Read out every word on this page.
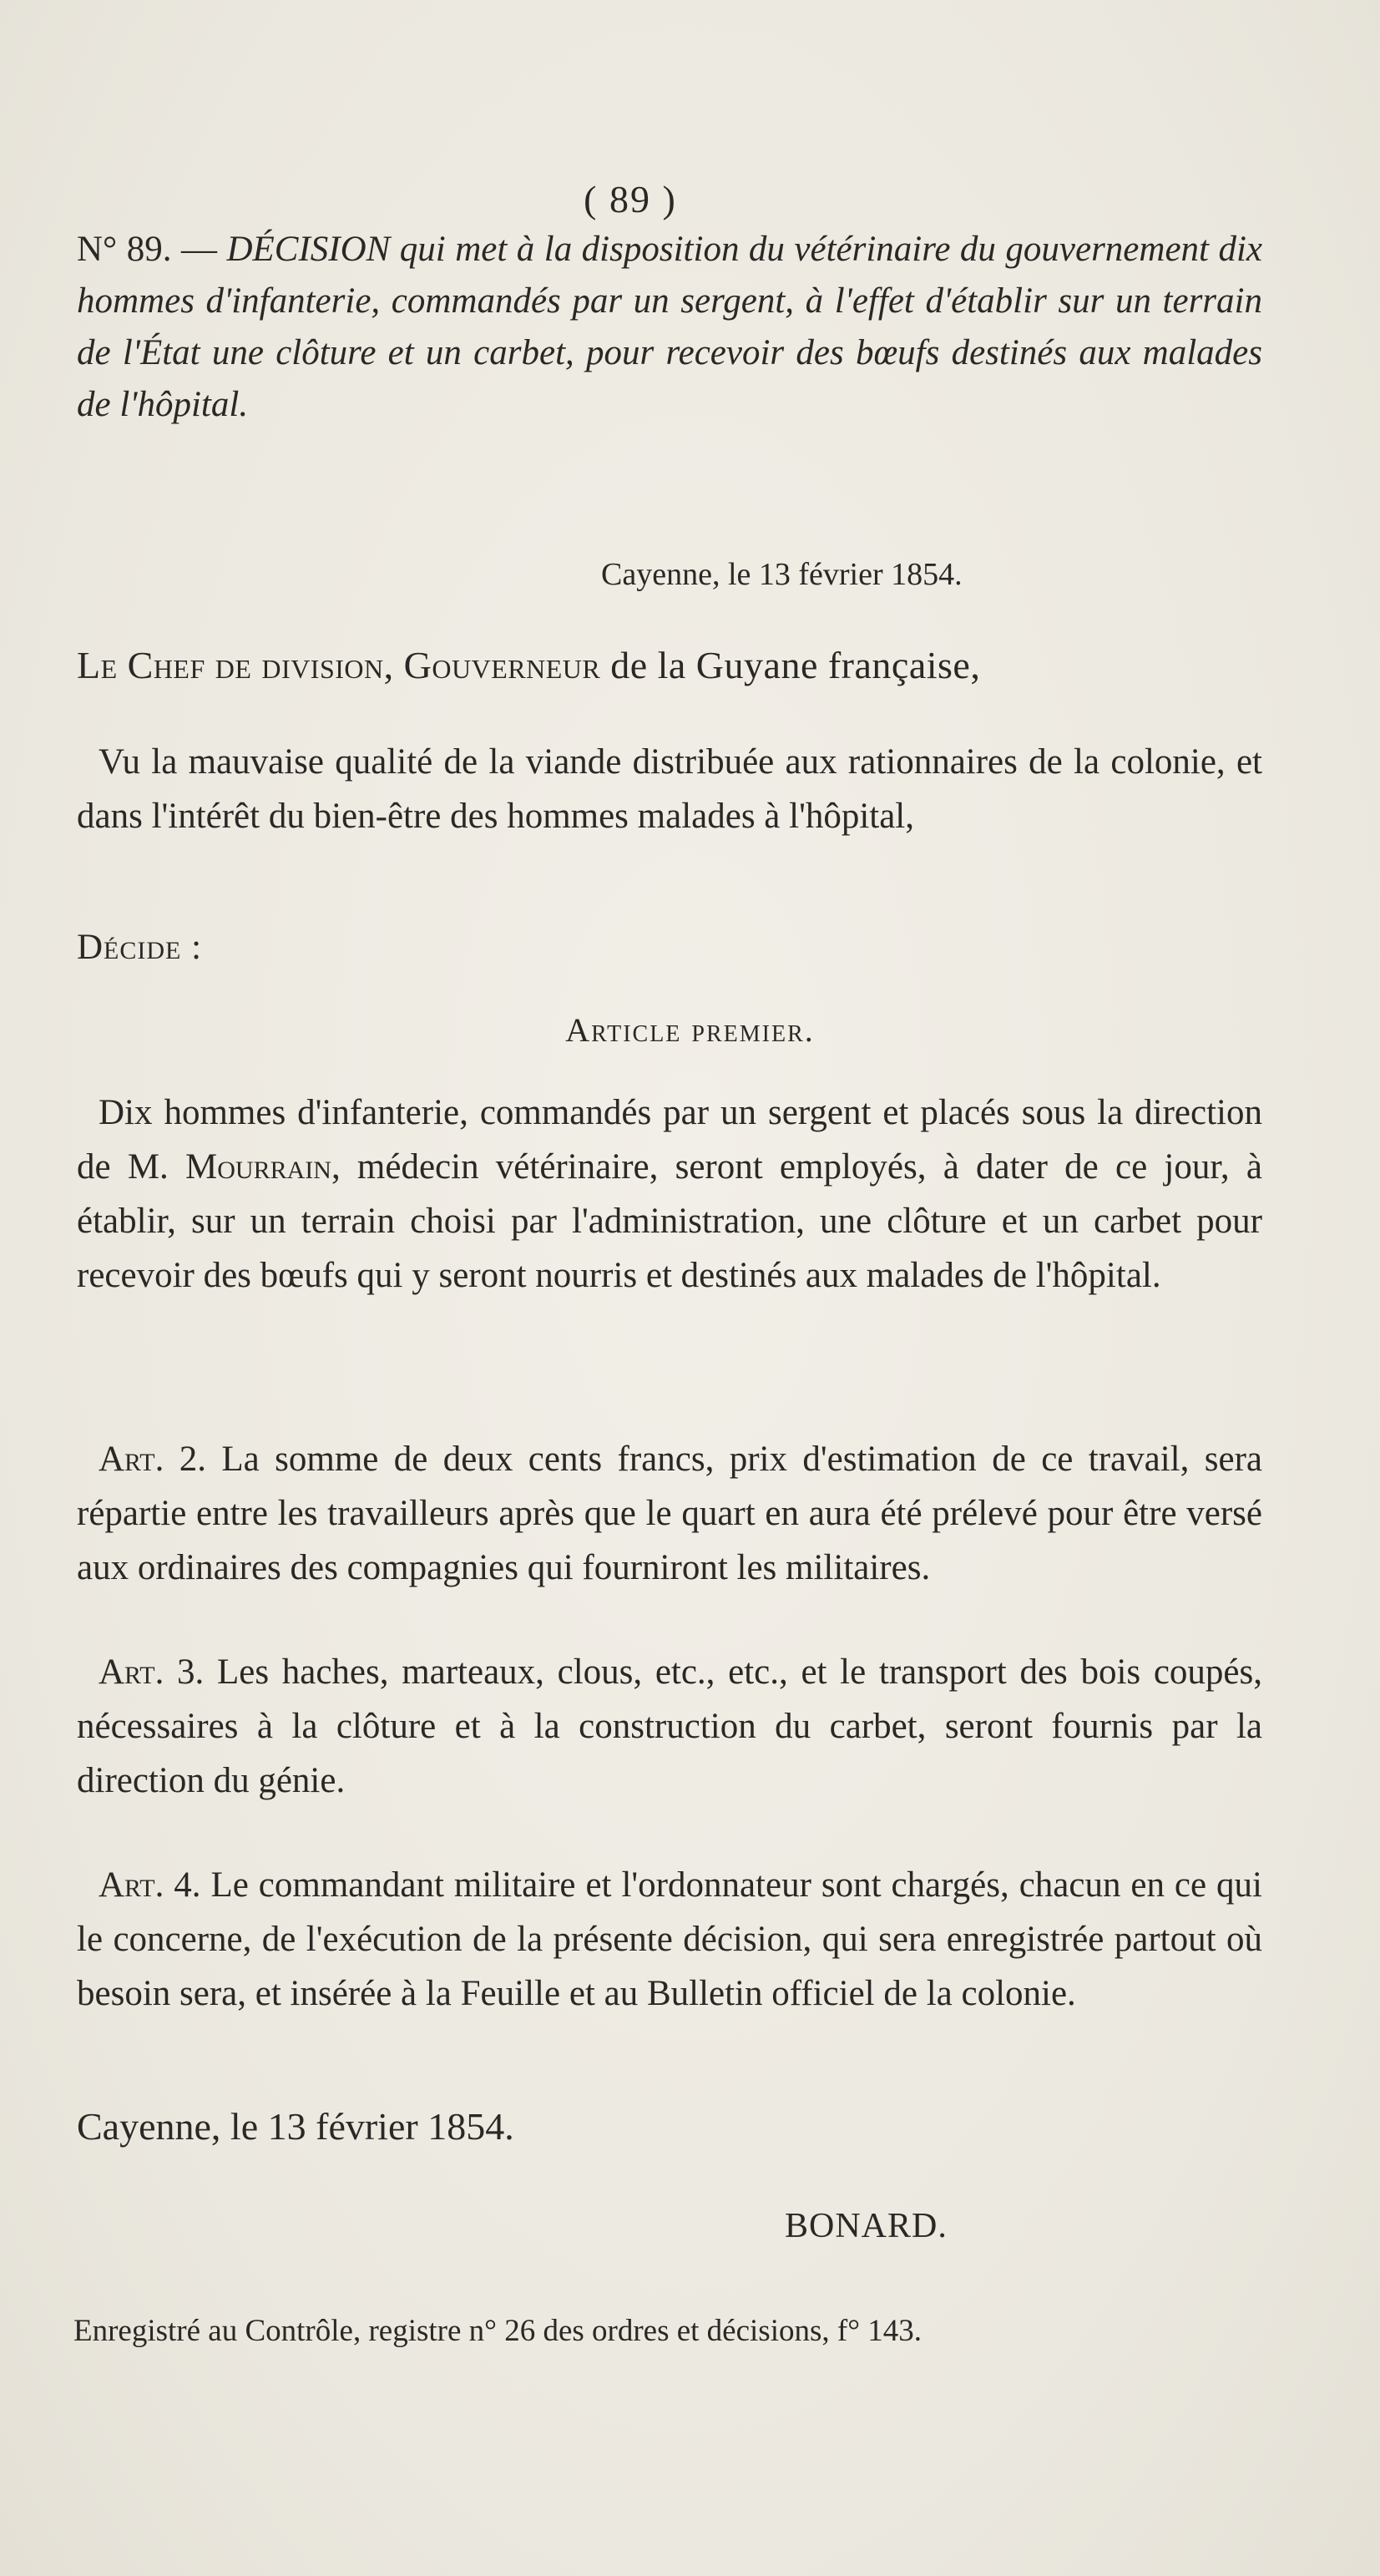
( 89 )
N° 89. — DÉCISION qui met à la disposition du vétérinaire du gouvernement dix hommes d'infanterie, commandés par un sergent, à l'effet d'établir sur un terrain de l'État une clôture et un carbet, pour recevoir des bœufs destinés aux malades de l'hôpital.
Cayenne, le 13 février 1854.
Le Chef de division, Gouverneur de la Guyane française,
Vu la mauvaise qualité de la viande distribuée aux rationnaires de la colonie, et dans l'intérêt du bien-être des hommes malades à l'hôpital,
Décide :
Article premier.
Dix hommes d'infanterie, commandés par un sergent et placés sous la direction de M. Mourrain, médecin vétérinaire, seront employés, à dater de ce jour, à établir, sur un terrain choisi par l'administration, une clôture et un carbet pour recevoir des bœufs qui y seront nourris et destinés aux malades de l'hôpital.
Art. 2. La somme de deux cents francs, prix d'estimation de ce travail, sera répartie entre les travailleurs après que le quart en aura été prélevé pour être versé aux ordinaires des compagnies qui fourniront les militaires.
Art. 3. Les haches, marteaux, clous, etc., etc., et le transport des bois coupés, nécessaires à la clôture et à la construction du carbet, seront fournis par la direction du génie.
Art. 4. Le commandant militaire et l'ordonnateur sont chargés, chacun en ce qui le concerne, de l'exécution de la présente décision, qui sera enregistrée partout où besoin sera, et insérée à la Feuille et au Bulletin officiel de la colonie.
Cayenne, le 13 février 1854.
BONARD.
Enregistré au Contrôle, registre n° 26 des ordres et décisions, f° 143.
